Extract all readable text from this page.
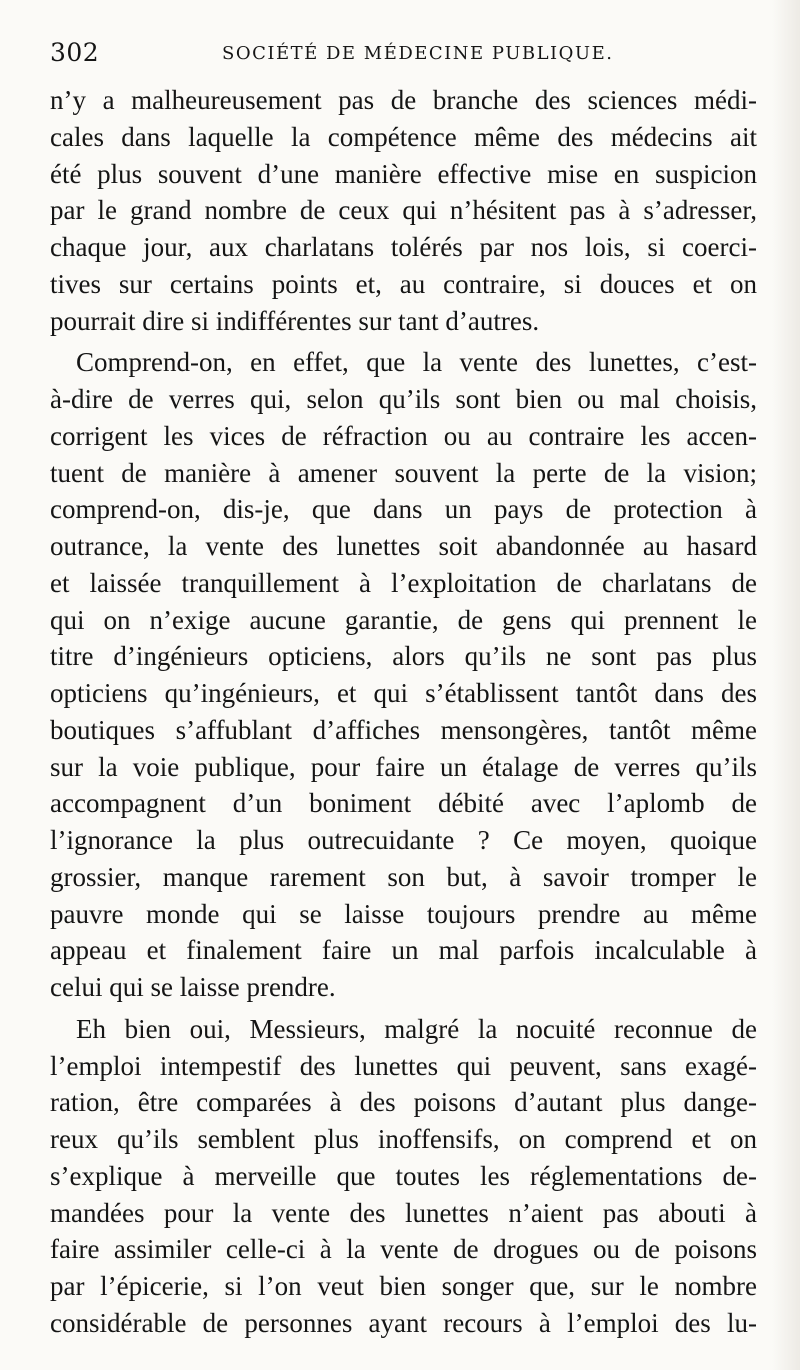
302	SOCIÉTÉ DE MÉDECINE PUBLIQUE.
n’y a malheureusement pas de branche des sciences médi-
cales dans laquelle la compétence même des médecins ait
été plus souvent d’une manière effective mise en suspicion
par le grand nombre de ceux qui n’hésitent pas à s’adresser,
chaque jour, aux charlatans tolérés par nos lois, si coerci-
tives sur certains points et, au contraire, si douces et on
pourrait dire si indifférentes sur tant d’autres.
Comprend-on, en effet, que la vente des lunettes, c’est-
à-dire de verres qui, selon qu’ils sont bien ou mal choisis,
corrigent les vices de réfraction ou au contraire les accen-
tuent de manière à amener souvent la perte de la vision;
comprend-on, dis-je, que dans un pays de protection à
outrance, la vente des lunettes soit abandonnée au hasard
et laissée tranquillement à l’exploitation de charlatans de
qui on n’exige aucune garantie, de gens qui prennent le
titre d’ingénieurs opticiens, alors qu’ils ne sont pas plus
opticiens qu’ingénieurs, et qui s’établissent tantôt dans des
boutiques s’affublant d’affiches mensongères, tantôt même
sur la voie publique, pour faire un étalage de verres qu’ils
accompagnent d’un boniment débité avec l’aplomb de
l’ignorance la plus outrecuidante ? Ce moyen, quoique
grossier, manque rarement son but, à savoir tromper le
pauvre monde qui se laisse toujours prendre au même
appeau et finalement faire un mal parfois incalculable à
celui qui se laisse prendre.
Eh bien oui, Messieurs, malgré la nocuité reconnue de
l’emploi intempestif des lunettes qui peuvent, sans exagé-
ration, être comparées à des poisons d’autant plus dange-
reux qu’ils semblent plus inoffensifs, on comprend et on
s’explique à merveille que toutes les réglementations de-
mandées pour la vente des lunettes n’aient pas abouti à
faire assimiler celle-ci à la vente de drogues ou de poisons
par l’épicerie, si l’on veut bien songer que, sur le nombre
considérable de personnes ayant recours à l’emploi des lu-
